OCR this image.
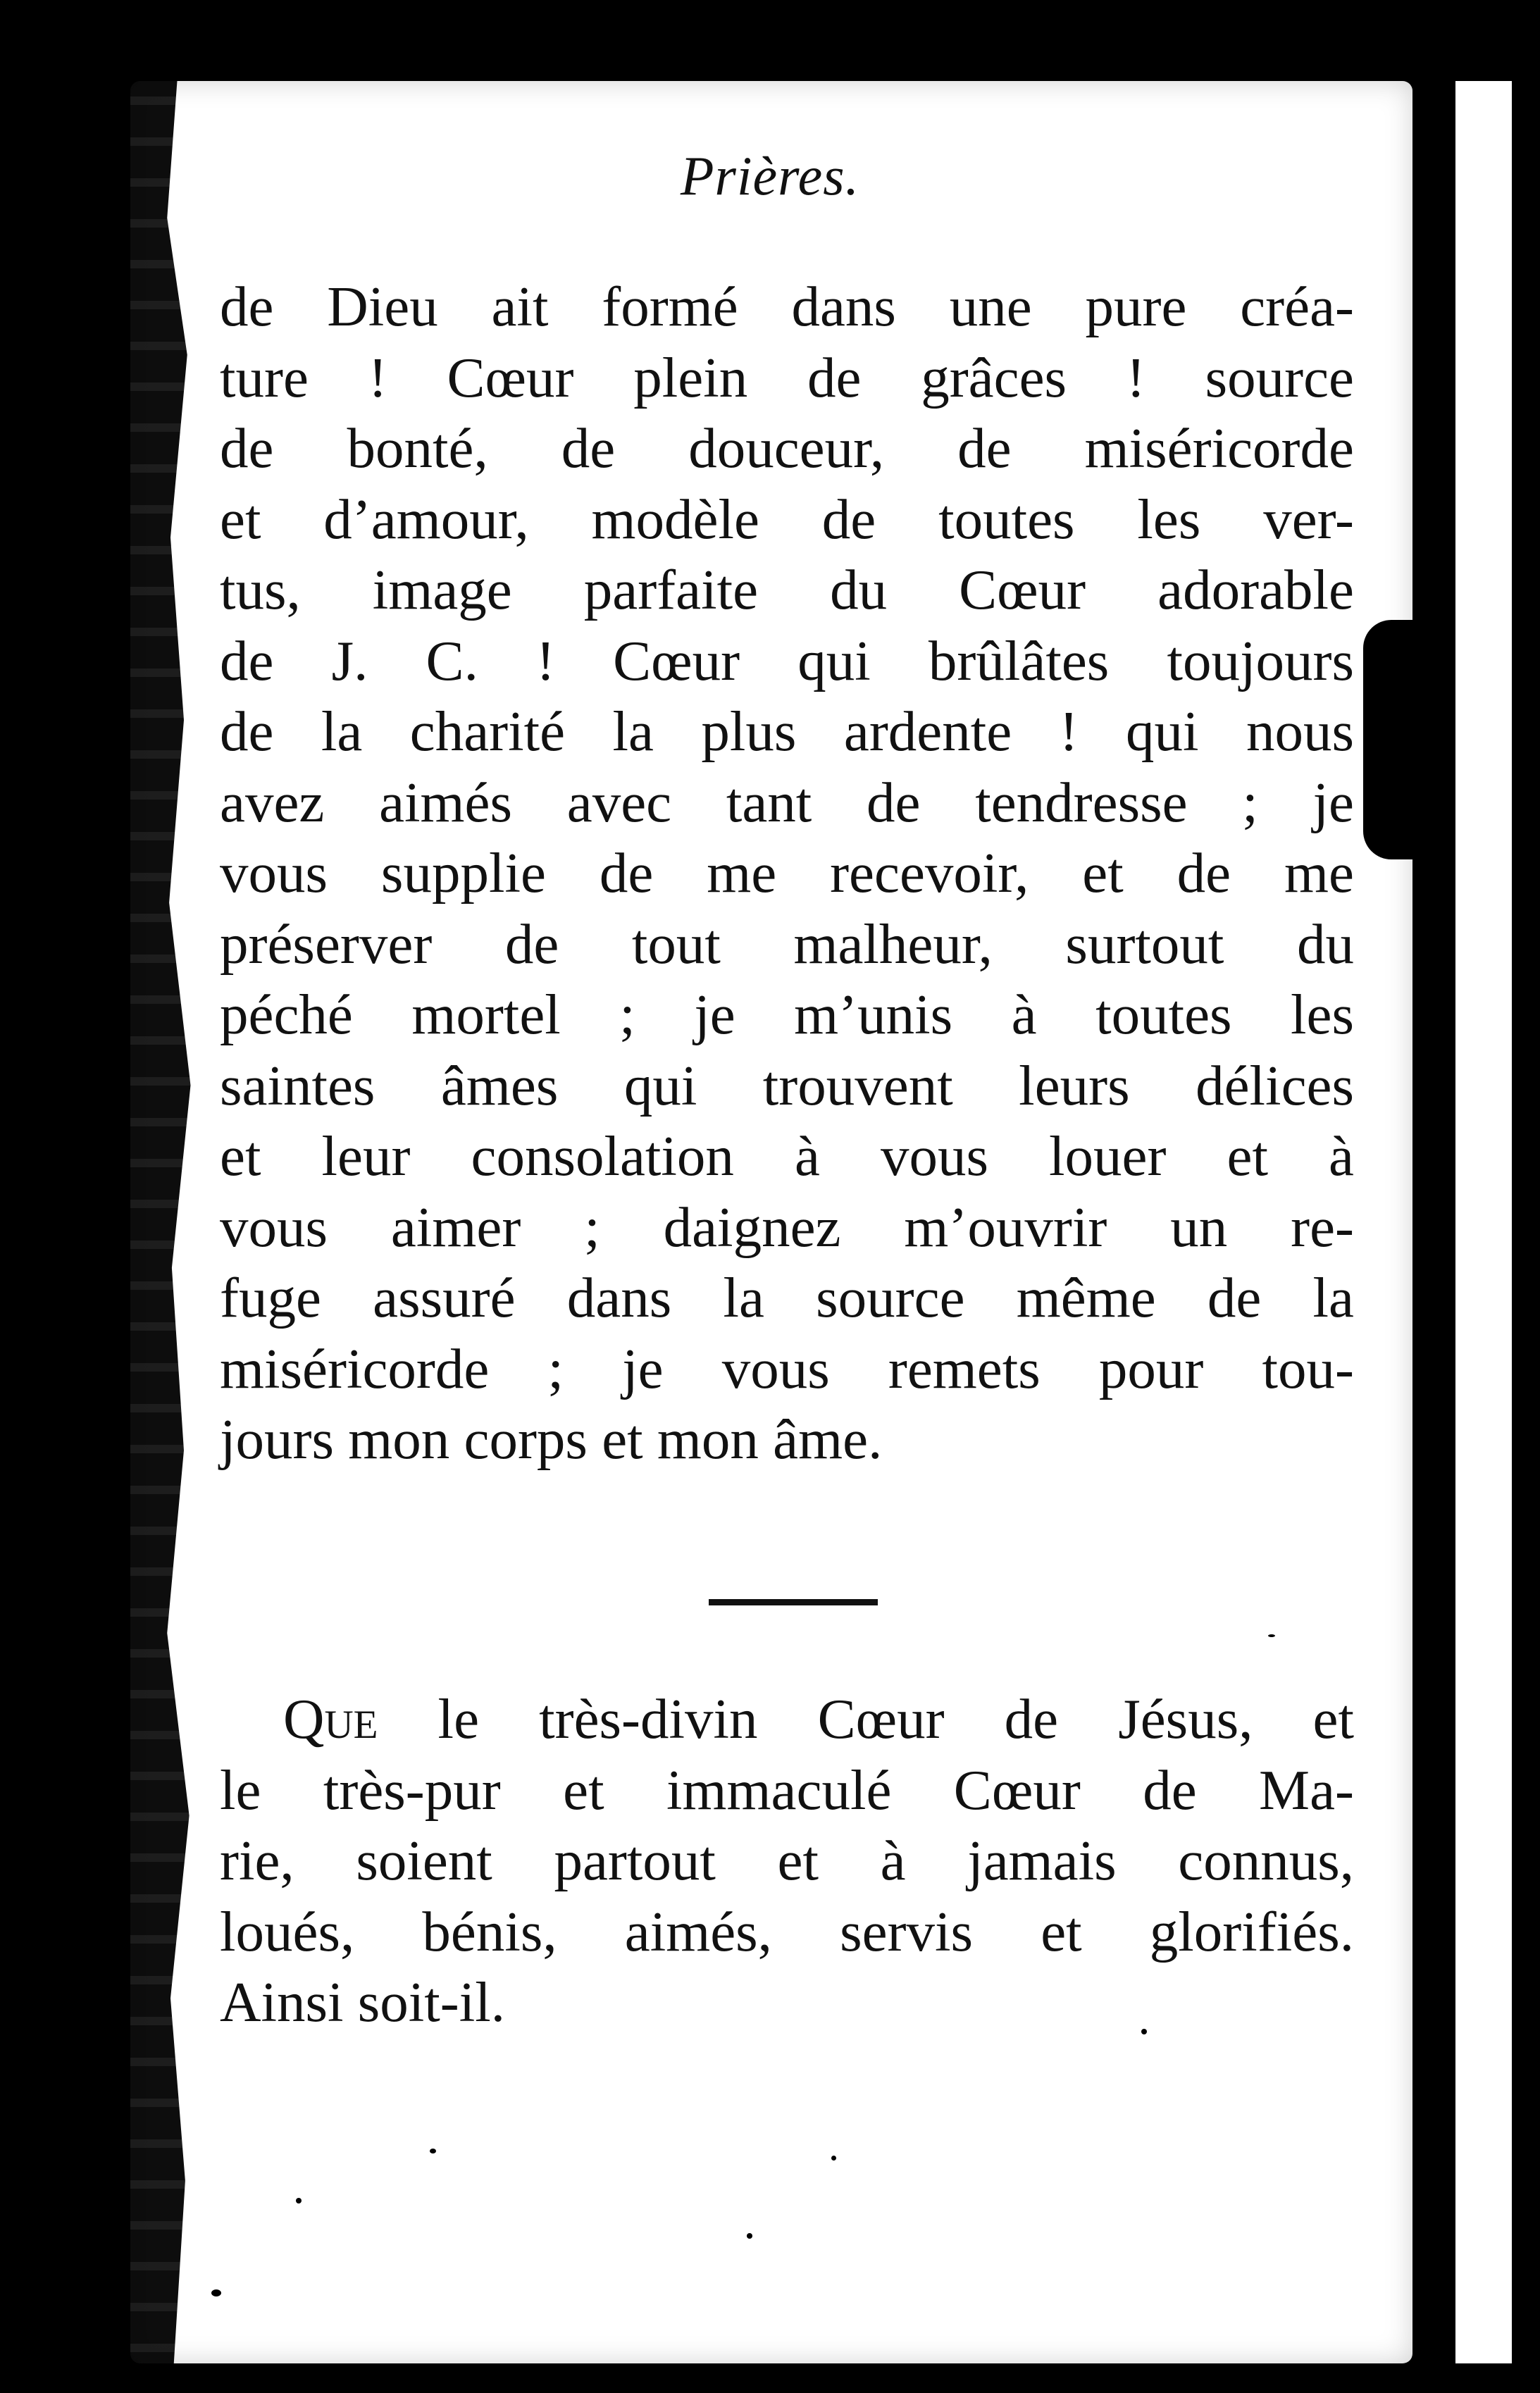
Prières.
de Dieu ait formé dans une pure créa-
ture ! Cœur plein de grâces ! source
de bonté, de douceur, de miséricorde
et d’amour, modèle de toutes les ver-
tus, image parfaite du Cœur adorable
de J. C. ! Cœur qui brûlâtes toujours
de la charité la plus ardente ! qui nous
avez aimés avec tant de tendresse ; je
vous supplie de me recevoir, et de me
préserver de tout malheur, surtout du
péché mortel ; je m’unis à toutes les
saintes âmes qui trouvent leurs délices
et leur consolation à vous louer et à
vous aimer ; daignez m’ouvrir un re-
fuge assuré dans la source même de la
miséricorde ; je vous remets pour tou-
jours mon corps et mon âme.
Que le très-divin Cœur de Jésus, et
le très-pur et immaculé Cœur de Ma-
rie, soient partout et à jamais connus,
loués, bénis, aimés, servis et glorifiés.
Ainsi soit-il.
